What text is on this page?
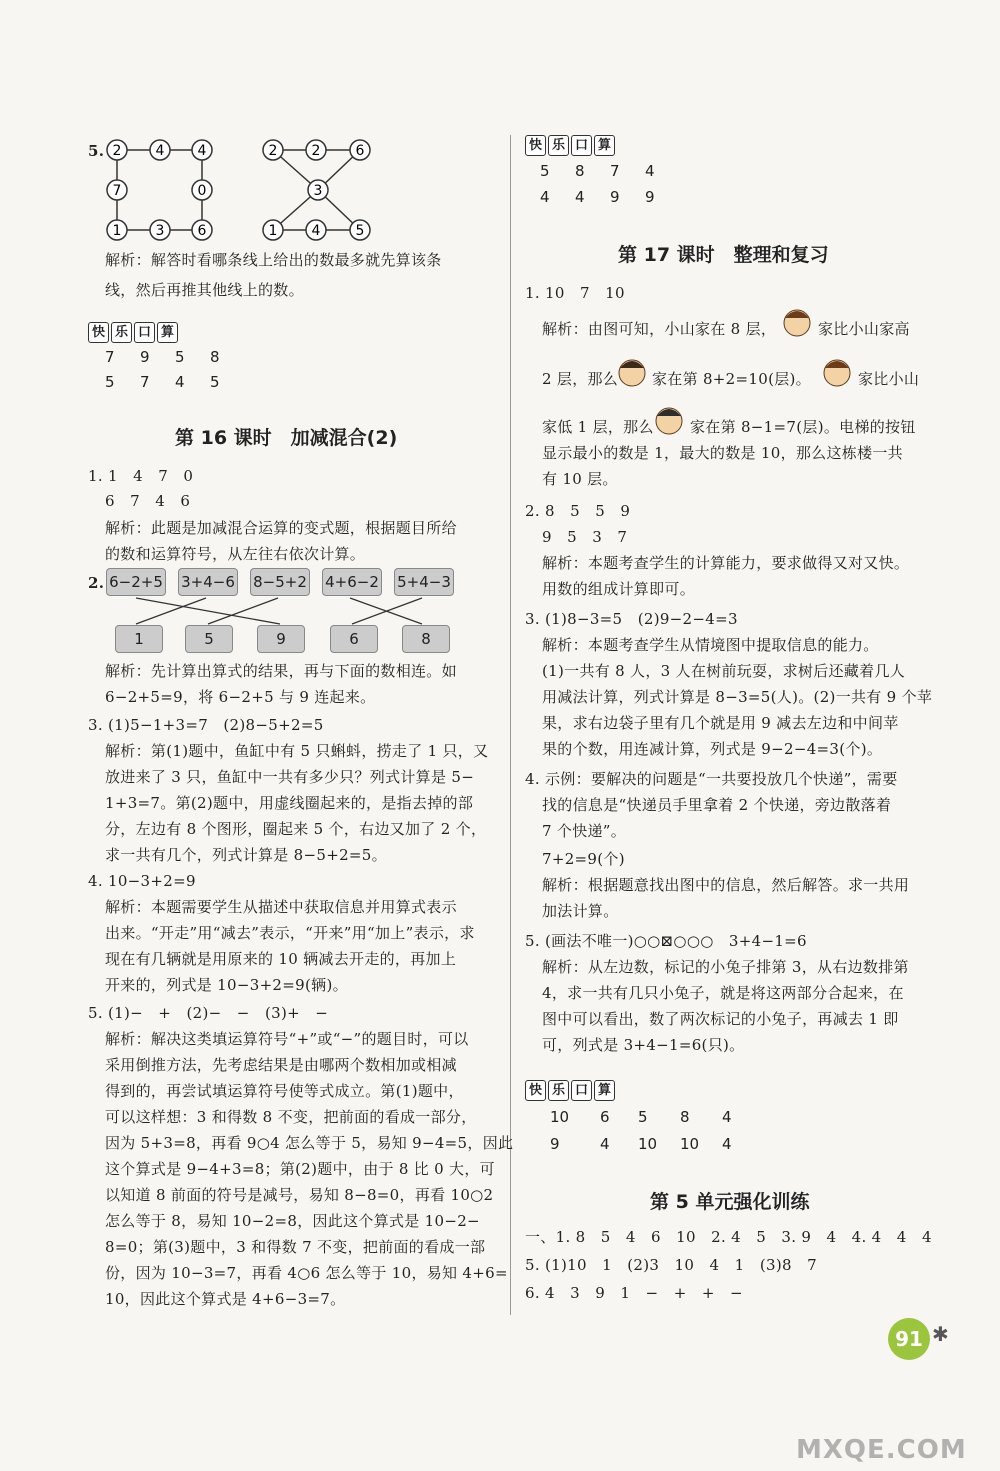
5. 2 4 4
7	0
1 3 6
2 2	6
3
1 4	5
解析：解答时看哪条线上给出的数最多就先算该条
线，然后再推其他线上的数。
快 乐 口 算
7 9 5 8
5 7 4 5
第 16 课时　加减混合(2)
1. 1　4　7　0
6　7　4　6
解析：此题是加减混合运算的变式题，根据题目所给
的数和运算符号，从左往右依次计算。
2. 6−2+5 3+4−6 8−5+2 4+6−2 5+4−3
1	5	9	6	8
解析：先计算出算式的结果，再与下面的数相连。如
6−2+5=9，将 6−2+5 与 9 连起来。
3. (1)5−1+3=7　(2)8−5+2=5
解析：第(1)题中，鱼缸中有 5 只蝌蚪，捞走了 1 只，又
放进来了 3 只，鱼缸中一共有多少只？列式计算是 5−
1+3=7。第(2)题中，用虚线圈起来的，是指去掉的部
分，左边有 8 个图形，圈起来 5 个，右边又加了 2 个，
求一共有几个，列式计算是 8−5+2=5。
4. 10−3+2=9
解析：本题需要学生从描述中获取信息并用算式表示
出来。“开走”用“减去”表示，“开来”用“加上”表示，求
现在有几辆就是用原来的 10 辆减去开走的，再加上
开来的，列式是 10−3+2=9(辆)。
5. (1)−　+　(2)−　−　(3)+　−
解析：解决这类填运算符号“+”或“−”的题目时，可以
采用倒推方法，先考虑结果是由哪两个数相加或相减
得到的，再尝试填运算符号使等式成立。第(1)题中，
可以这样想：3 和得数 8 不变，把前面的看成一部分，
因为 5+3=8，再看 9○4 怎么等于 5，易知 9−4=5，因此
这个算式是 9−4+3=8；第(2)题中，由于 8 比 0 大，可
以知道 8 前面的符号是减号，易知 8−8=0，再看 10○2
怎么等于 8，易知 10−2=8，因此这个算式是 10−2−
8=0；第(3)题中，3 和得数 7 不变，把前面的看成一部
份，因为 10−3=7，再看 4○6 怎么等于 10，易知 4+6=
10，因此这个算式是 4+6−3=7。
快 乐 口 算
5 8 7 4
4 4 9 9
第 17 课时　整理和复习
1. 10　7　10
解析：由图可知，小山家在 8 层，	家比小山家高
2 层，那么 家在第 8+2=10(层)。	家比小山
家低 1 层，那么 家在第 8−1=7(层)。电梯的按钮
显示最小的数是 1，最大的数是 10，那么这栋楼一共
有 10 层。
2. 8　5　5　9
9　5　3　7
解析：本题考查学生的计算能力，要求做得又对又快。
用数的组成计算即可。
3. (1)8−3=5　(2)9−2−4=3
解析：本题考查学生从情境图中提取信息的能力。
(1)一共有 8 人，3 人在树前玩耍，求树后还藏着几人
用减法计算，列式计算是 8−3=5(人)。(2)一共有 9 个苹
果，求右边袋子里有几个就是用 9 减去左边和中间苹
果的个数，用连减计算，列式是 9−2−4=3(个)。
4. 示例：要解决的问题是“一共要投放几个快递”，需要
找的信息是“快递员手里拿着 2 个快递，旁边散落着
7 个快递”。
7+2=9(个)
解析：根据题意找出图中的信息，然后解答。求一共用
加法计算。
5. (画法不唯一)○○⊠○○○　3+4−1=6
解析：从左边数，标记的小兔子排第 3，从右边数排第
4，求一共有几只小兔子，就是将这两部分合起来，在
图中可以看出，数了两次标记的小兔子，再减去 1 即
可，列式是 3+4−1=6(只)。
快 乐 口 算
10 6 5 8 4
9	4 10 10 4
第 5 单元强化训练
一、1. 8　5　4　6　10　2. 4　5　3. 9　4　4. 4　4　4
5. (1)10　1　(2)3　10　4　1　(3)8　7
6. 4　3　9　1　−　+　+　−
91 ✱
MXQE.COM
